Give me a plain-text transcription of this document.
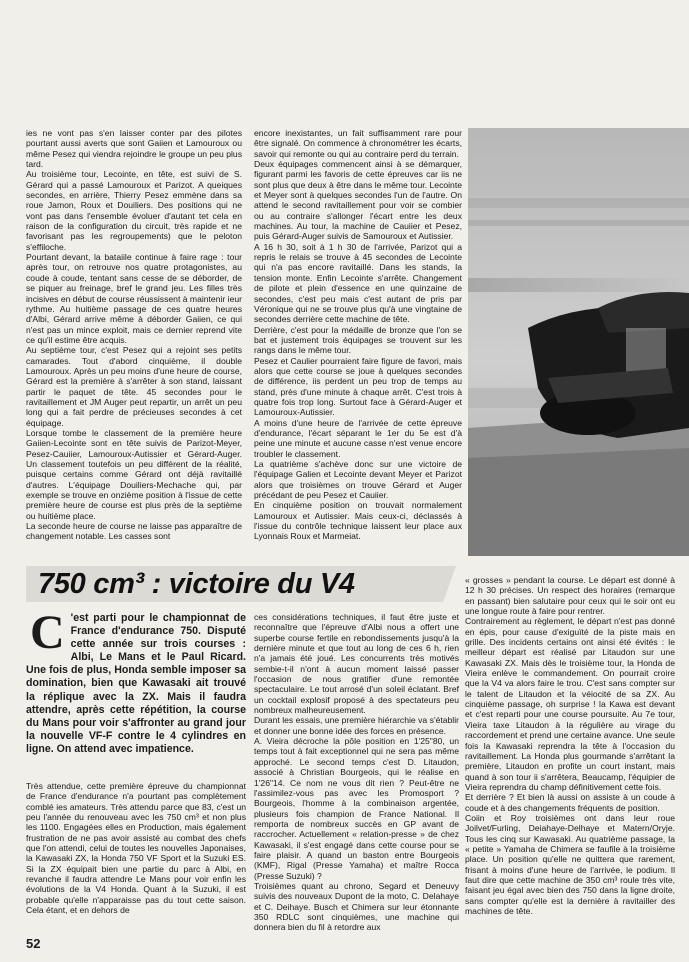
ies ne vont pas s'en laisser conter par des pilotes pourtant aussi averts que sont Gaiien et Lamouroux ou même Pesez qui viendra rejoindre le groupe un peu plus tard.

Au troisième tour, Lecointe, en tête, est suivi de S. Gérard qui a passé Lamouroux et Parizot. A queiques secondes, en arrière, Thierry Pesez emmène dans sa roue Jamon, Roux et Douiliers. Des positions qui ne vont pas dans l'ensemble évoluer d'autant tet cela en raison de la configuration du circuit, très rapide et ne favorisant pas les regroupements) que le peloton s'effiloche.

Pourtant devant, la bataiile continue à faire rage : tour après tour, on retrouve nos quatre protagonistes, au coude à coude, tentant sans cesse de se déborder, de se piquer au freinage, bref le grand jeu. Les filles très incisives en début de course réussissent à maintenir ieur rythme. Au huitième passage de ces quatre heures d'Albi, Gérard arrive même à déborder Gaiien, ce qui n'est pas un mince exploit, mais ce dernier reprend vite ce qu'il estime être acquis.

Au septième tour, c'est Pesez qui a rejoint ses petits camarades. Tout d'abord cinquième, il double Lamouroux. Après un peu moins d'une heure de course, Gérard est la première à s'arrêter à son stand, laissant partir le paquet de tête. 45 secondes pour le ravitaillement et JM Auger peut repartir, un arrêt un peu long qui a fait perdre de précieuses secondes à cet équipage.

Lorsque tombe le classement de la première heure Gaiien-Lecointe sont en tête suivis de Parizot-Meyer, Pesez-Cauiier, Lamouroux-Autissier et Gérard-Auger. Un classement toutefois un peu différent de la réalité, puisque certains comme Gérard ont déjà ravitaillé d'autres. L'équipage Douiliers-Mechache qui, par exemple se trouve en onzième position à l'issue de cette première heure de course est plus près de la septième ou huitième place.

La seconde heure de course ne laisse pas apparaître de changement notable. Les casses sont

encore inexistantes, un fait suffisamment rare pour être signalé. On commence à chronométrer les écarts, savoir qui remonte ou qui au contraire perd du terrain.

Deux équipages commencent ainsi à se démarquer, figurant parmi les favoris de cette épreuves car iis ne sont plus que deux à être dans le même tour. Lecointe et Meyer sont à quelques secondes l'un de l'autre. On attend le second ravitaillement pour voir se combier ou au contraire s'allonger l'écart entre les deux machines. Au tour, la machine de Cauiier et Pesez, puis Gérard-Auger suivis de Samouroux et Autissier.

A 16 h 30, soit à 1 h 30 de l'arrivée, Parizot qui a repris le relais se trouve à 45 secondes de Lecointe qui n'a pas encore ravitaillé. Dans les stands, la tension monte. Enfin Lecointe s'arrête. Changement de pilote et plein d'essence en une quinzaine de secondes, c'est peu mais c'est autant de pris par Véronique qui ne se trouve plus qu'à une vingtaine de secondes derrière cette machine de tête.

Derrière, c'est pour la médaille de bronze que l'on se bat et justement trois équipages se trouvent sur les rangs dans le même tour.

Pesez et Caulier pourraient faire figure de favori, mais alors que cette course se joue à quelques secondes de différence, iis perdent un peu trop de temps au stand, près d'une minute à chaque arrêt. C'est trois à quatre fois trop long. Surtout face à Gérard-Auger et Lamouroux-Autissier.

A moins d'une heure de l'arrivée de cette épreuve d'endurance, l'écart séparant le 1er du 5e est d'à peine une minute et aucune casse n'est venue encore troubler le classement.

La quatrième s'achève donc sur une victoire de l'équipage Galien et Lecointe devant Meyer et Parizot alors que troisièmes on trouve Gérard et Auger précédant de peu Pesez et Cauiier.

En cinquième position on trouvait normalement Lamouroux et Autissier. Mais ceux-ci, déclassés à l'issue du contrôle technique laissent leur place aux Lyonnais Roux et Marmeiat.

750 cm³ : victoire du V4
C 'est parti pour le championnat de France d'endurance 750. Disputé cette année sur trois courses : Albi, Le Mans et le Paul Ricard. Une fois de plus, Honda semble imposer sa domination, bien que Kawasaki ait trouvé la réplique avec la ZX. Mais il faudra attendre, après cette répétition, la course du Mans pour voir s'affronter au grand jour la nouvelle VF-F contre le 4 cylindres en ligne. On attend avec impatience.

Très attendue, cette première épreuve du championnat de France d'endurance n'a pourtant pas complètement comblé ies amateurs. Très attendu parce que 83, c'est un peu l'année du renouveau avec les 750 cm³ et non plus les 1100. Engagées elles en Production, mais également frustration de ne pas avoir assisté au combat des chefs que l'on attendi, celui de toutes les nouvelles Japonaises, la Kawasaki ZX, la Honda 750 VF Sport et la Suzuki ES. Si la ZX équipait bien une partie du parc à Albi, en revanche il faudra attendre Le Mans pour voir enfin les évolutions de la V4 Honda. Quant à la Suzuki, il est probable qu'elle n'apparaisse pas du tout cette saison. Cela étant, et en dehors de

ces considérations techniques, il faut être juste et reconnaître que l'épreuve d'Albi nous a offert une superbe course fertile en rebondissements jusqu'à la dernière minute et que tout au long de ces 6 h, rien n'a jamais été joué. Les concurrents très motivés sembie-t-il n'ont à aucun moment laissé passer l'occasion de nous gratifier d'une remontée spectaculaire. Le tout arrosé d'un soleil éclatant. Bref un cocktail explosif proposé à des spectateurs peu nombreux malheureusement.

Durant les essais, une première hiérarchie va s'établir et donner une bonne idée des forces en présence.

A. Vieira décroche la pôle position en 1'25"80, un temps tout à fait exceptionnel qui ne sera pas même approché. Le second temps c'est D. Litaudon, associé à Christian Bourgeois, qui le réalise en 1'26"14. Ce nom ne vous dit rien ? Peut-être ne l'assimilez-vous pas avec les Promosport ? Bourgeois, l'homme à la combinaison argentée, plusieurs fois champion de France National. Il remporta de nombreux succès en GP avant de raccrocher. Actuellement « relation-presse » de chez Kawasaki, il s'est engagé dans cette course pour se faire plaisir. A quand un baston entre Bourgeois (KMF), Rigal (Presse Yamaha) et maître Rocca (Presse Suzuki) ?

Troisièmes quant au chrono, Segard et Deneuvy suivis des nouveaux Dupont de la moto, C. Delahaye et C. Deihaye. Busch et Chimera sur leur étonnante 350 RDLC sont cinquièmes, une machine qui donnera bien du fil à retordre aux

« grosses » pendant la course. Le départ est donné à 12 h 30 précises. Un respect des horaires (remarque en passant) bien salutaire pour ceux qui le soir ont eu une longue route à faire pour rentrer.

Contrairement au règlement, le départ n'est pas donné en épis, pour cause d'exiguïté de la piste mais en grille. Des incidents certains ont ainsi été évités : le meilleur départ est réalisé par Litaudon sur une Kawasaki ZX. Mais dès le troisième tour, la Honda de Vieira enlève le commandement. On pourrait croire que la V4 va alors faire le trou. C'est sans compter sur le talent de Litaudon et la véiocité de sa ZX. Au cinquième passage, oh surprise ! la Kawa est devant et c'est reparti pour une course poursuite. Au 7e tour, Vieira taxe Litaudon à la régulière au virage du raccordement et prend une certaine avance. Une seule fois la Kawasaki reprendra la tête à l'occasion du ravitaillement. La Honda plus gourmande s'arrêtant la première, Litaudon en profite un court instant, mais quand à son tour ii s'arrêtera, Beaucamp, l'équipier de Vieira reprendra du champ définitivement cette fois.

Et derrière ? Et bien là aussi on assiste à un coude à coude et à des changements fréquents de position.

Coiin et Roy troisièmes ont dans leur roue Joilvet/Furling, Deiahaye-Delhaye et Matern/Oryje. Tous les cinq sur Kawasaki. Au quatrième passage, la « petite » Yamaha de Chimera se faufile à la troisième place. Un position qu'elle ne quittera que rarement, frisant à moins d'une heure de l'arrivée, le podium. Il faut dire que cette machine de 350 cm³ roule très vite, faisant jeu égal avec bien des 750 dans la ligne droite, sans compter qu'elle est la dernière à ravitailler des machines de tête.

52
